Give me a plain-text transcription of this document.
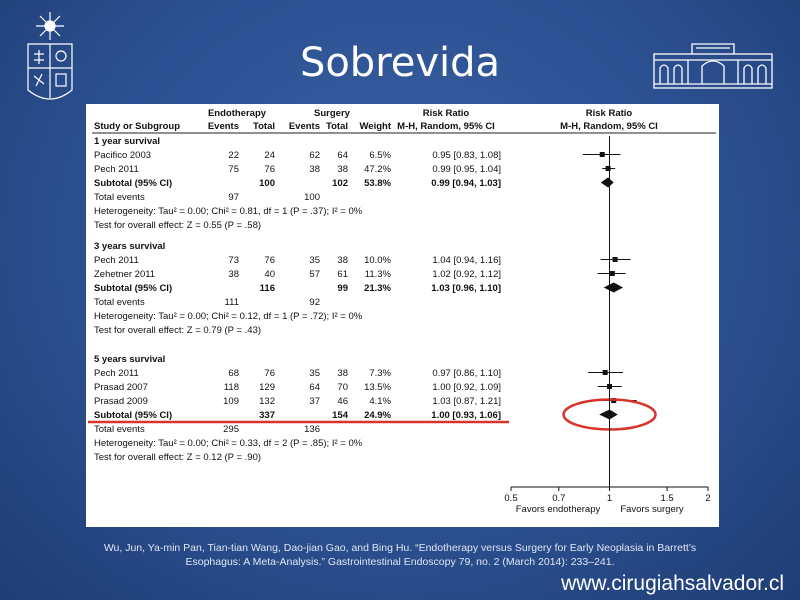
Sobrevida
Endotherapy	Surgery	Risk Ratio	Risk Ratio
Study or Subgroup	Events Total Events Total Weight M-H, Random, 95% CI	M-H, Random, 95% CI
1 year survival
Pacifico 2003	22	24	62 64 6.5%	0.95 [0.83, 1.08]
Pech 2011	75	76	38 38 47.2%	0.99 [0.95, 1.04]
Subtotal (95% CI)	100	102 53.8%	0.99 [0.94, 1.03]
Total events	97	100
Heterogeneity: Tau² = 0.00; Chi² = 0.81, df = 1 (P = .37); I² = 0%
Test for overall effect: Z = 0.55 (P = .58)
3 years survival
Pech 2011	73	76	35 38 10.0%	1.04 [0.94, 1.16]
Zehetner 2011	38	40	57 61 11.3%	1.02 [0.92, 1.12]
Subtotal (95% CI)	116	99 21.3%	1.03 [0.96, 1.10]
Total events	111	92
Heterogeneity: Tau² = 0.00; Chi² = 0.12, df = 1 (P = .72); I² = 0%
Test for overall effect: Z = 0.79 (P = .43)
5 years survival
Pech 2011	68	76	35 38 7.3%	0.97 [0.86, 1.10]
Prasad 2007	118 129	64 70 13.5%	1.00 [0.92, 1.09]
Prasad 2009	109 132	37 46 4.1%	1.03 [0.87, 1.21]
Subtotal (95% CI)	337	154 24.9%	1.00 [0.93, 1.06]
Total events	295	136
Heterogeneity: Tau² = 0.00; Chi² = 0.33, df = 2 (P = .85); I² = 0%
Test for overall effect: Z = 0.12 (P = .90)
0.5	0.7	1	1.5	2
Favors endotherapy Favors surgery
Wu, Jun, Ya-min Pan, Tian-tian Wang, Dao-jian Gao, and Bing Hu. “Endotherapy versus Surgery for Early Neoplasia in Barrett’s
Esophagus: A Meta-Analysis.” Gastrointestinal Endoscopy 79, no. 2 (March 2014): 233–241.
www.cirugiahsalvador.cl
